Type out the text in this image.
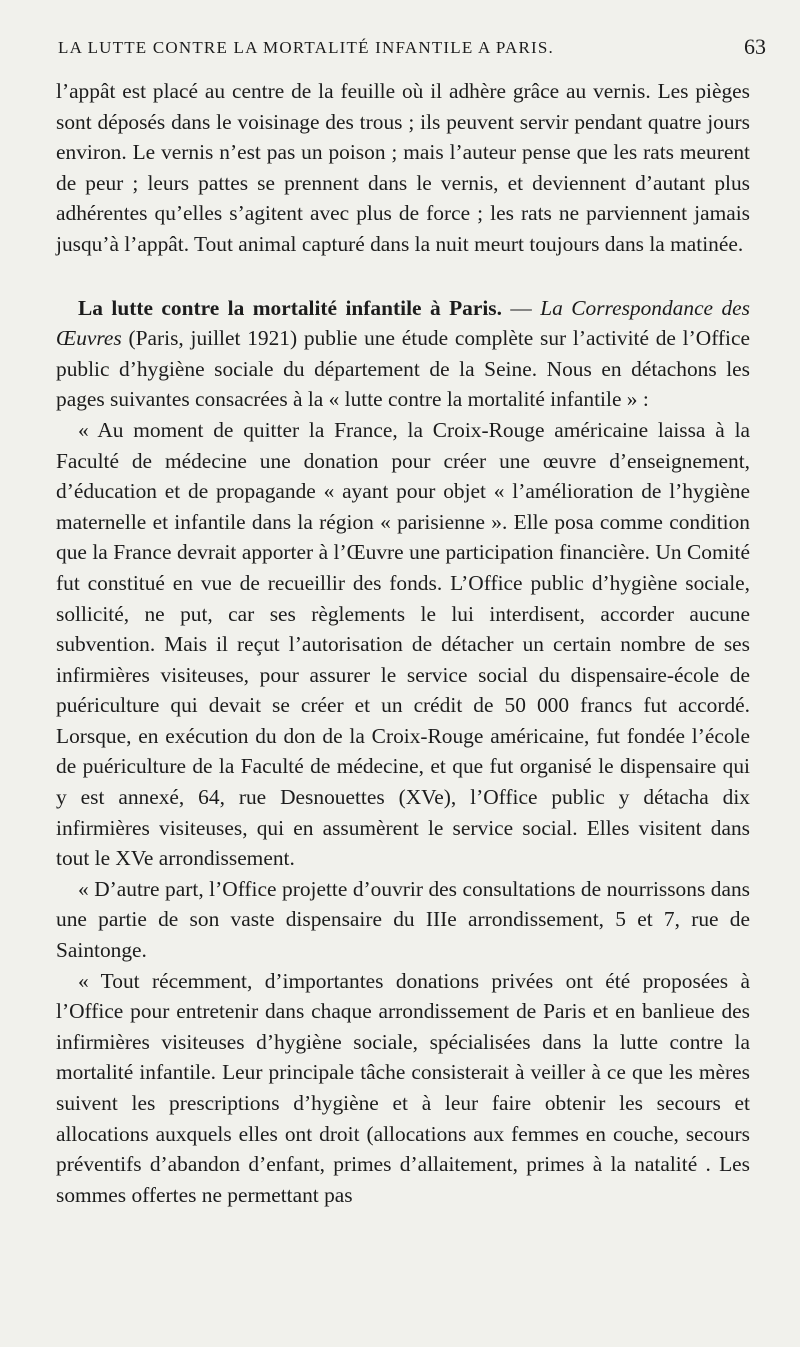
LA LUTTE CONTRE LA MORTALITÉ INFANTILE A PARIS.	63

l’appât est placé au centre de la feuille où il adhère grâce au vernis. Les pièges sont déposés dans le voisinage des trous ; ils peuvent servir pendant quatre jours environ. Le vernis n’est pas un poison ; mais l’auteur pense que les rats meurent de peur ; leurs pattes se prennent dans le vernis, et deviennent d’autant plus adhérentes qu’elles s’agitent avec plus de force ; les rats ne parviennent jamais jusqu’à l’appât. Tout animal capturé dans la nuit meurt toujours dans la matinée.

La lutte contre la mortalité infantile à Paris. — La Correspondance des Œuvres (Paris, juillet 1921) publie une étude complète sur l’activité de l’Office public d’hygiène sociale du département de la Seine. Nous en détachons les pages suivantes consacrées à la « lutte contre la mortalité infantile » :

« Au moment de quitter la France, la Croix-Rouge américaine laissa à la Faculté de médecine une donation pour créer une œuvre d’enseignement, d’éducation et de propagande « ayant pour objet « l’amélioration de l’hygiène maternelle et infantile dans la région « parisienne ». Elle posa comme condition que la France devrait apporter à l’Œuvre une participation financière. Un Comité fut constitué en vue de recueillir des fonds. L’Office public d’hygiène sociale, sollicité, ne put, car ses règlements le lui interdisent, accorder aucune subvention. Mais il reçut l’autorisation de détacher un certain nombre de ses infirmières visiteuses, pour assurer le service social du dispensaire-école de puériculture qui devait se créer et un crédit de 50 000 francs fut accordé. Lorsque, en exécution du don de la Croix-Rouge américaine, fut fondée l’école de puériculture de la Faculté de médecine, et que fut organisé le dispensaire qui y est annexé, 64, rue Desnouettes (XVe), l’Office public y détacha dix infirmières visiteuses, qui en assumèrent le service social. Elles visitent dans tout le XVe arrondissement.

« D’autre part, l’Office projette d’ouvrir des consultations de nourrissons dans une partie de son vaste dispensaire du IIIe arrondissement, 5 et 7, rue de Saintonge.

« Tout récemment, d’importantes donations privées ont été proposées à l’Office pour entretenir dans chaque arrondissement de Paris et en banlieue des infirmières visiteuses d’hygiène sociale, spécialisées dans la lutte contre la mortalité infantile. Leur principale tâche consisterait à veiller à ce que les mères suivent les prescriptions d’hygiène et à leur faire obtenir les secours et allocations auxquels elles ont droit (allocations aux femmes en couche, secours préventifs d’abandon d’enfant, primes d’allaitement, primes à la natalité . Les sommes offertes ne permettant pas
